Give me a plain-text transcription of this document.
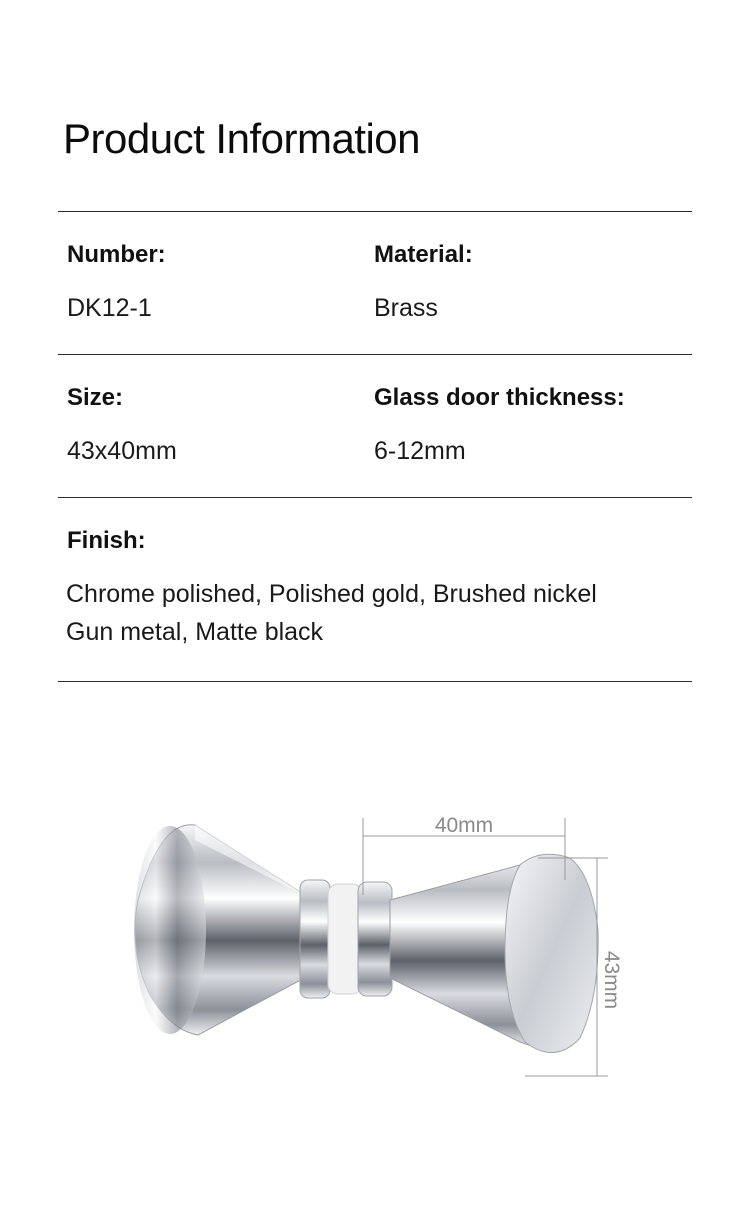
Product Information
Number:
DK12-1
Material:
Brass
Size:
43x40mm
Glass door thickness:
6-12mm
Finish:
Chrome polished, Polished gold, Brushed nickel
Gun metal, Matte black
40mm
43mm
